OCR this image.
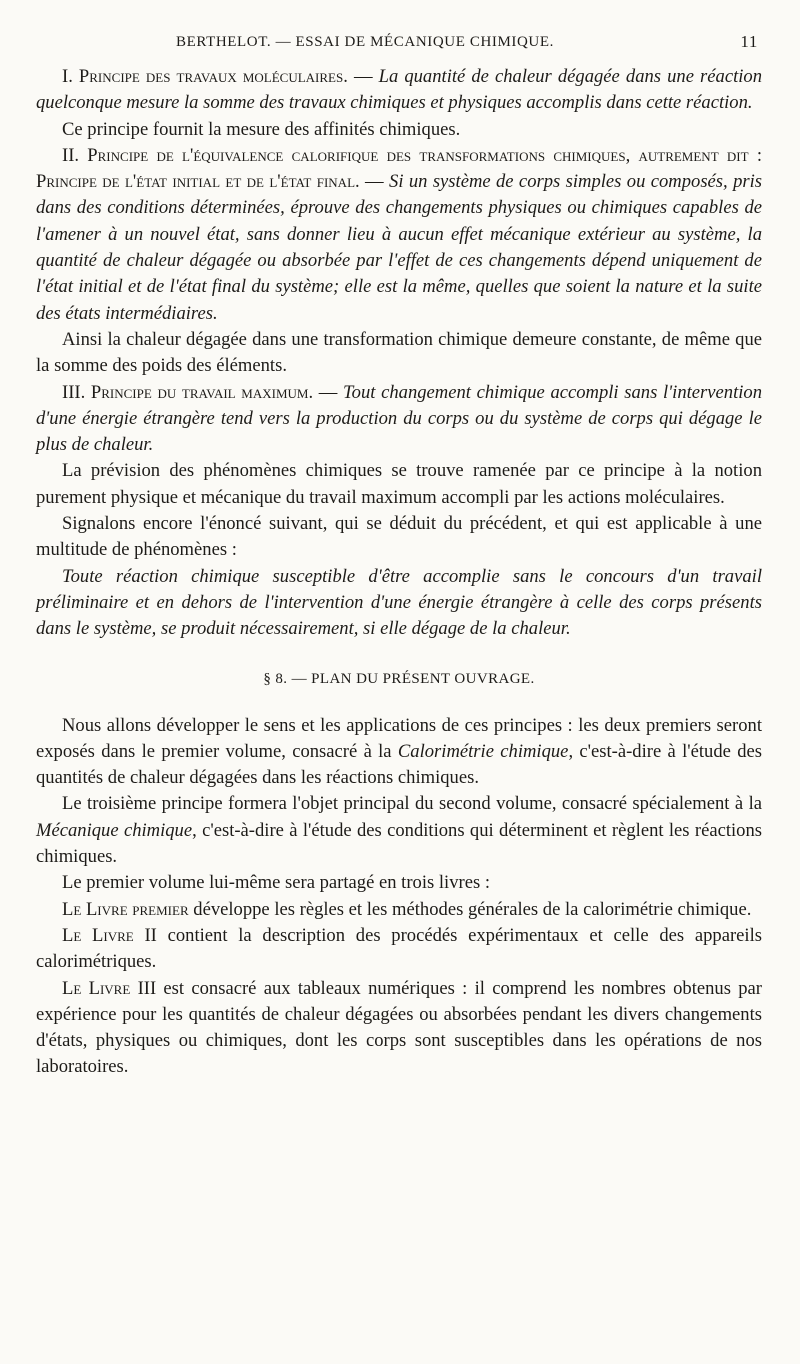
BERTHELOT. — ESSAI DE MÉCANIQUE CHIMIQUE.	11

I. Principe des travaux moléculaires. — La quantité de chaleur dégagée dans une réaction quelconque mesure la somme des travaux chimiques et physiques accomplis dans cette réaction.

Ce principe fournit la mesure des affinités chimiques.

II. Principe de l'équivalence calorifique des transformations chimiques, autrement dit : Principe de l'état initial et de l'état final. — Si un système de corps simples ou composés, pris dans des conditions déterminées, éprouve des changements physiques ou chimiques capables de l'amener à un nouvel état, sans donner lieu à aucun effet mécanique extérieur au système, la quantité de chaleur dégagée ou absorbée par l'effet de ces changements dépend uniquement de l'état initial et de l'état final du système; elle est la même, quelles que soient la nature et la suite des états intermédiaires.

Ainsi la chaleur dégagée dans une transformation chimique demeure constante, de même que la somme des poids des éléments.

III. Principe du travail maximum. — Tout changement chimique accompli sans l'intervention d'une énergie étrangère tend vers la production du corps ou du système de corps qui dégage le plus de chaleur.

La prévision des phénomènes chimiques se trouve ramenée par ce principe à la notion purement physique et mécanique du travail maximum accompli par les actions moléculaires.

Signalons encore l'énoncé suivant, qui se déduit du précédent, et qui est applicable à une multitude de phénomènes :

Toute réaction chimique susceptible d'être accomplie sans le concours d'un travail préliminaire et en dehors de l'intervention d'une énergie étrangère à celle des corps présents dans le système, se produit nécessairement, si elle dégage de la chaleur.

§ 8. — PLAN DU PRÉSENT OUVRAGE.

Nous allons développer le sens et les applications de ces principes : les deux premiers seront exposés dans le premier volume, consacré à la Calorimétrie chimique, c'est-à-dire à l'étude des quantités de chaleur dégagées dans les réactions chimiques.

Le troisième principe formera l'objet principal du second volume, consacré spécialement à la Mécanique chimique, c'est-à-dire à l'étude des conditions qui déterminent et règlent les réactions chimiques.

Le premier volume lui-même sera partagé en trois livres :

Le Livre premier développe les règles et les méthodes générales de la calorimétrie chimique.

Le Livre II contient la description des procédés expérimentaux et celle des appareils calorimétriques.

Le Livre III est consacré aux tableaux numériques : il comprend les nombres obtenus par expérience pour les quantités de chaleur dégagées ou absorbées pendant les divers changements d'états, physiques ou chimiques, dont les corps sont susceptibles dans les opérations de nos laboratoires.
